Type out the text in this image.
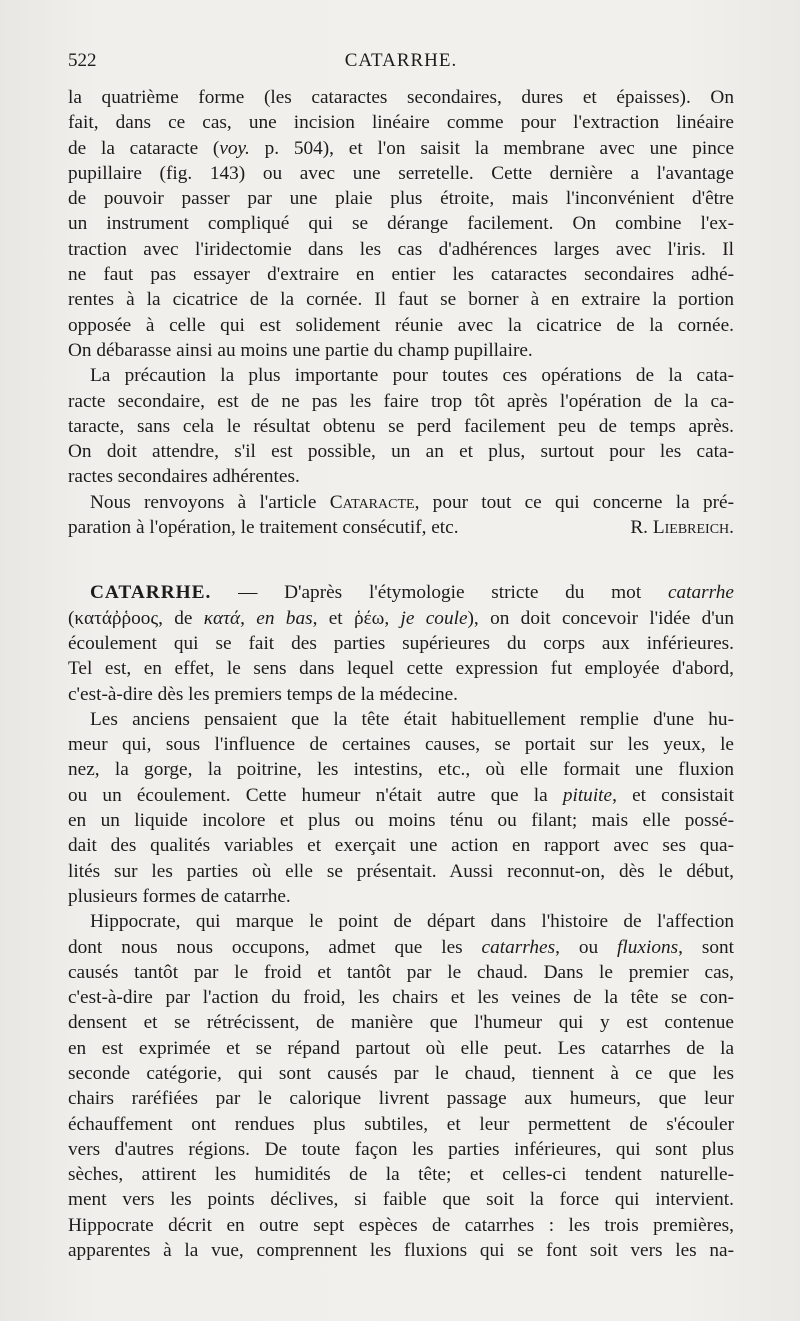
522	CATARRHE.
la quatrième forme (les cataractes secondaires, dures et épaisses). On
fait, dans ce cas, une incision linéaire comme pour l'extraction linéaire
de la cataracte (voy. p. 504), et l'on saisit la membrane avec une pince
pupillaire (fig. 143) ou avec une serretelle. Cette dernière a l'avantage
de pouvoir passer par une plaie plus étroite, mais l'inconvénient d'être
un instrument compliqué qui se dérange facilement. On combine l'ex-
traction avec l'iridectomie dans les cas d'adhérences larges avec l'iris. Il
ne faut pas essayer d'extraire en entier les cataractes secondaires adhé-
rentes à la cicatrice de la cornée. Il faut se borner à en extraire la portion
opposée à celle qui est solidement réunie avec la cicatrice de la cornée.
On débarasse ainsi au moins une partie du champ pupillaire.
La précaution la plus importante pour toutes ces opérations de la cata-
racte secondaire, est de ne pas les faire trop tôt après l'opération de la ca-
taracte, sans cela le résultat obtenu se perd facilement peu de temps après.
On doit attendre, s'il est possible, un an et plus, surtout pour les cata-
ractes secondaires adhérentes.
Nous renvoyons à l'article Cataracte, pour tout ce qui concerne la pré-
paration à l'opération, le traitement consécutif, etc.	R. Liebreich.
CATARRHE. — D'après l'étymologie stricte du mot catarrhe
(κατάῤῥοος, de κατά, en bas, et ῥέω, je coule), on doit concevoir l'idée d'un
écoulement qui se fait des parties supérieures du corps aux inférieures.
Tel est, en effet, le sens dans lequel cette expression fut employée d'abord,
c'est-à-dire dès les premiers temps de la médecine.
Les anciens pensaient que la tête était habituellement remplie d'une hu-
meur qui, sous l'influence de certaines causes, se portait sur les yeux, le
nez, la gorge, la poitrine, les intestins, etc., où elle formait une fluxion
ou un écoulement. Cette humeur n'était autre que la pituite, et consistait
en un liquide incolore et plus ou moins ténu ou filant; mais elle possé-
dait des qualités variables et exerçait une action en rapport avec ses qua-
lités sur les parties où elle se présentait. Aussi reconnut-on, dès le début,
plusieurs formes de catarrhe.
Hippocrate, qui marque le point de départ dans l'histoire de l'affection
dont nous nous occupons, admet que les catarrhes, ou fluxions, sont
causés tantôt par le froid et tantôt par le chaud. Dans le premier cas,
c'est-à-dire par l'action du froid, les chairs et les veines de la tête se con-
densent et se rétrécissent, de manière que l'humeur qui y est contenue
en est exprimée et se répand partout où elle peut. Les catarrhes de la
seconde catégorie, qui sont causés par le chaud, tiennent à ce que les
chairs raréfiées par le calorique livrent passage aux humeurs, que leur
échauffement ont rendues plus subtiles, et leur permettent de s'écouler
vers d'autres régions. De toute façon les parties inférieures, qui sont plus
sèches, attirent les humidités de la tête; et celles-ci tendent naturelle-
ment vers les points déclives, si faible que soit la force qui intervient.
Hippocrate décrit en outre sept espèces de catarrhes : les trois premières,
apparentes à la vue, comprennent les fluxions qui se font soit vers les na-
